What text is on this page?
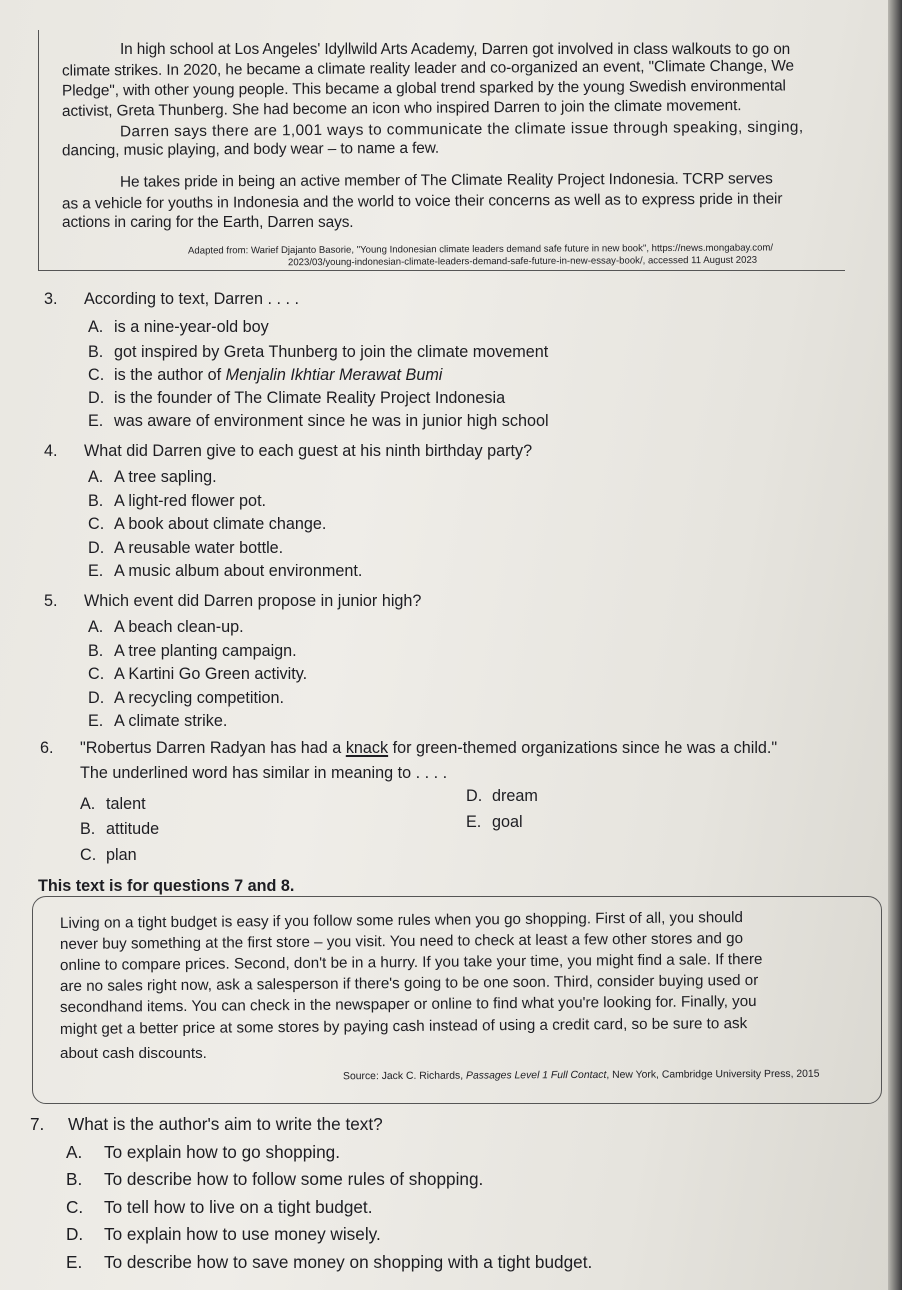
In high school at Los Angeles' Idyllwild Arts Academy, Darren got involved in class walkouts to go on
climate strikes. In 2020, he became a climate reality leader and co-organized an event, "Climate Change, We
Pledge", with other young people. This became a global trend sparked by the young Swedish environmental
activist, Greta Thunberg. She had become an icon who inspired Darren to join the climate movement.
Darren says there are 1,001 ways to communicate the climate issue through speaking, singing,
dancing, music playing, and body wear – to name a few.
He takes pride in being an active member of The Climate Reality Project Indonesia. TCRP serves
as a vehicle for youths in Indonesia and the world to voice their concerns as well as to express pride in their
actions in caring for the Earth, Darren says.
Adapted from: Warief Djajanto Basorie, "Young Indonesian climate leaders demand safe future in new book", https://news.mongabay.com/
2023/03/young-indonesian-climate-leaders-demand-safe-future-in-new-essay-book/, accessed 11 August 2023
3. According to text, Darren . . . .
A. is a nine-year-old boy
B. got inspired by Greta Thunberg to join the climate movement
C. is the author of Menjalin Ikhtiar Merawat Bumi
D. is the founder of The Climate Reality Project Indonesia
E. was aware of environment since he was in junior high school
4. What did Darren give to each guest at his ninth birthday party?
A. A tree sapling.
B. A light-red flower pot.
C. A book about climate change.
D. A reusable water bottle.
E. A music album about environment.
5. Which event did Darren propose in junior high?
A. A beach clean-up.
B. A tree planting campaign.
C. A Kartini Go Green activity.
D. A recycling competition.
E. A climate strike.
6. "Robertus Darren Radyan has had a knack for green-themed organizations since he was a child."
The underlined word has similar in meaning to . . . .
A. talent
B. attitude
C. plan
D. dream
E. goal
This text is for questions 7 and 8.
Living on a tight budget is easy if you follow some rules when you go shopping. First of all, you should
never buy something at the first store – you visit. You need to check at least a few other stores and go
online to compare prices. Second, don't be in a hurry. If you take your time, you might find a sale. If there
are no sales right now, ask a salesperson if there's going to be one soon. Third, consider buying used or
secondhand items. You can check in the newspaper or online to find what you're looking for. Finally, you
might get a better price at some stores by paying cash instead of using a credit card, so be sure to ask
about cash discounts.
Source: Jack C. Richards, Passages Level 1 Full Contact, New York, Cambridge University Press, 2015
7. What is the author's aim to write the text?
A. To explain how to go shopping.
B. To describe how to follow some rules of shopping.
C. To tell how to live on a tight budget.
D. To explain how to use money wisely.
E. To describe how to save money on shopping with a tight budget.
